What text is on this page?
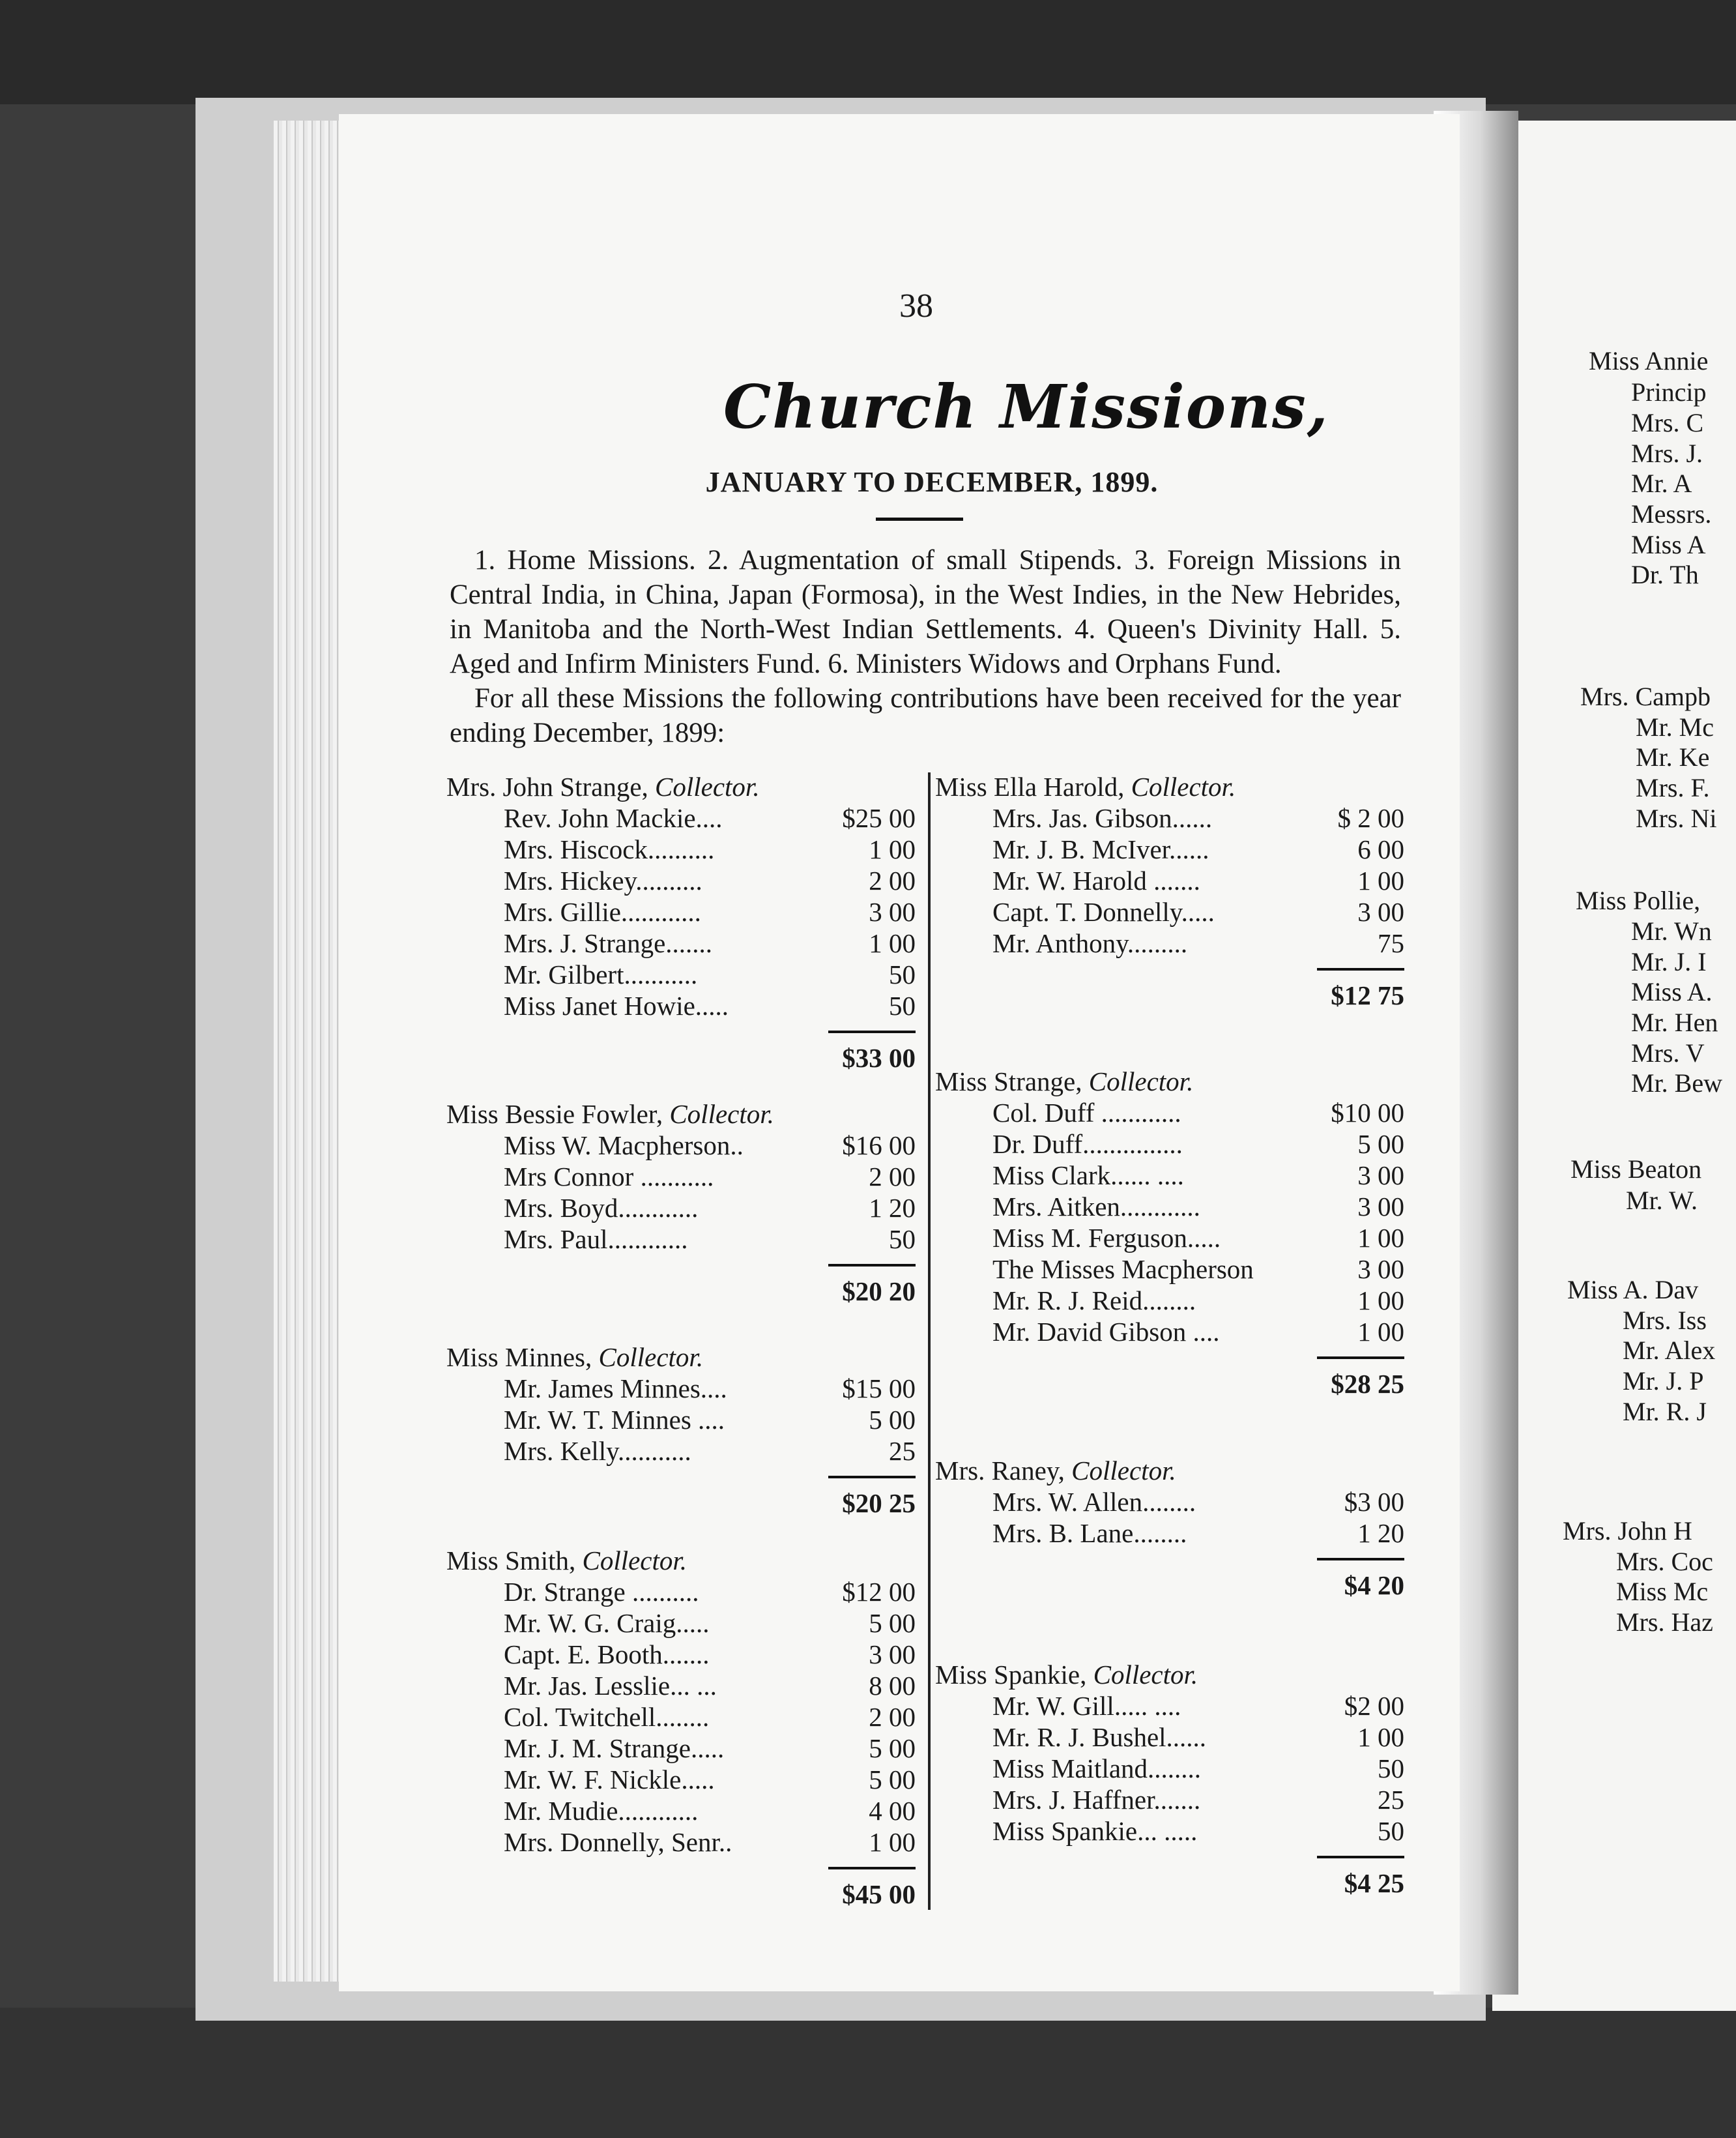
Miss Annie
Princip
Mrs. C
Mrs. J.
Mr. A
Messrs.
Miss A
Dr. Th
Mrs. Campb
Mr. Mc
Mr. Ke
Mrs. F.
Mrs. Ni
Miss Pollie,
Mr. Wn
Mr. J. I
Miss A.
Mr. Hen
Mrs. V
Mr. Bew
Miss Beaton
Mr. W.
Miss A. Dav
Mrs. Iss
Mr. Alex
Mr. J. P
Mr. R. J
Mrs. John H
Mrs. Coc
Miss Mc
Mrs. Haz
38
Church Missions,
JANUARY TO DECEMBER, 1899.

1. Home Missions. 2. Augmentation of small Stipends. 3. Foreign Missions in Central India, in China, Japan (Formosa), in the West Indies, in the New Hebrides, in Manitoba and the North-West Indian Settlements. 4. Queen's Divinity Hall. 5. Aged and Infirm Ministers Fund. 6. Ministers Widows and Orphans Fund.

For all these Missions the following contributions have been received for the year ending December, 1899:

Mrs. John Strange, Collector.
Rev. John Mackie....	$25 00
Mrs. Hiscock..........	1 00
Mrs. Hickey..........	2 00
Mrs. Gillie............	3 00
Mrs. J. Strange.......	1 00
Mr. Gilbert...........	50
Miss Janet Howie.....	50
$33 00
Miss Bessie Fowler, Collector.
Miss W. Macpherson..	$16 00
Mrs Connor ...........	2 00
Mrs. Boyd............	1 20
Mrs. Paul............	50
$20 20
Miss Minnes, Collector.
Mr. James Minnes....	$15 00
Mr. W. T. Minnes ....	5 00
Mrs. Kelly...........	25
$20 25
Miss Smith, Collector.
Dr. Strange ..........	$12 00
Mr. W. G. Craig.....	5 00
Capt. E. Booth.......	3 00
Mr. Jas. Lesslie... ...	8 00
Col. Twitchell........	2 00
Mr. J. M. Strange.....	5 00
Mr. W. F. Nickle.....	5 00
Mr. Mudie............	4 00
Mrs. Donnelly, Senr..	1 00
$45 00
Miss Ella Harold, Collector.
Mrs. Jas. Gibson......	$ 2 00
Mr. J. B. McIver......	6 00
Mr. W. Harold .......	1 00
Capt. T. Donnelly.....	3 00
Mr. Anthony.........	75
$12 75
Miss Strange, Collector.
Col. Duff ............	$10 00
Dr. Duff...............	5 00
Miss Clark...... ....	3 00
Mrs. Aitken............	3 00
Miss M. Ferguson.....	1 00
The Misses Macpherson	3 00
Mr. R. J. Reid........	1 00
Mr. David Gibson ....	1 00
$28 25
Mrs. Raney, Collector.
Mrs. W. Allen........	$3 00
Mrs. B. Lane........	1 20
$4 20
Miss Spankie, Collector.
Mr. W. Gill..... ....	$2 00
Mr. R. J. Bushel......	1 00
Miss Maitland........	50
Mrs. J. Haffner.......	25
Miss Spankie... .....	50
$4 25
